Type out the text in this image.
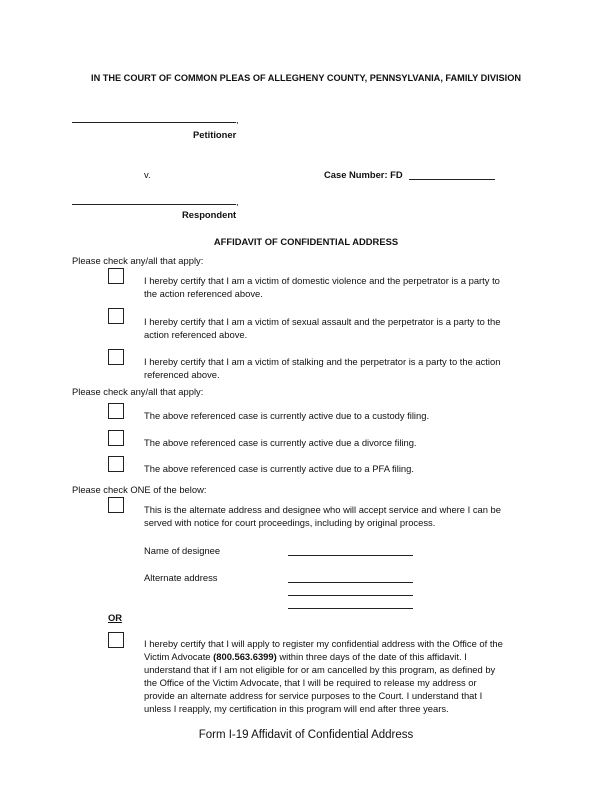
IN THE COURT OF COMMON PLEAS OF ALLEGHENY COUNTY, PENNSYLVANIA, FAMILY DIVISION
,
Petitioner
v.	Case Number: FD
,
Respondent
AFFIDAVIT OF CONFIDENTIAL ADDRESS
Please check any/all that apply:
I hereby certify that I am a victim of domestic violence and the perpetrator is a party to
the action referenced above.
I hereby certify that I am a victim of sexual assault and the perpetrator is a party to the
action referenced above.
I hereby certify that I am a victim of stalking and the perpetrator is a party to the action
referenced above.
Please check any/all that apply:
The above referenced case is currently active due to a custody filing.
The above referenced case is currently active due a divorce filing.
The above referenced case is currently active due to a PFA filing.
Please check ONE of the below:
This is the alternate address and designee who will accept service and where I can be
served with notice for court proceedings, including by original process.
Name of designee
Alternate address
OR
I hereby certify that I will apply to register my confidential address with the Office of the
Victim Advocate (800.563.6399) within three days of the date of this affidavit. I
understand that if I am not eligible for or am cancelled by this program, as defined by
the Office of the Victim Advocate, that I will be required to release my address or
provide an alternate address for service purposes to the Court. I understand that I
unless I reapply, my certification in this program will end after three years.
Form I-19 Affidavit of Confidential Address
